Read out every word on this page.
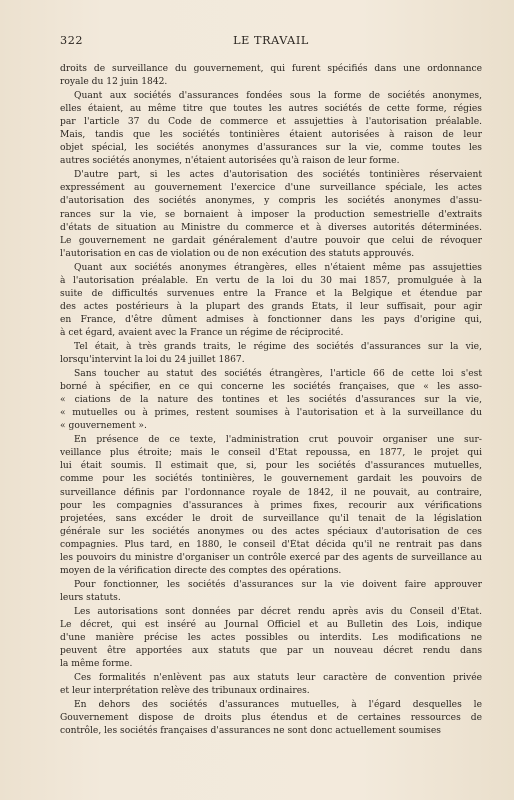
322	LE TRAVAIL
droits de surveillance du gouvernement, qui furent spécifiés dans une ordonnance
royale du 12 juin 1842.
Quant aux sociétés d'assurances fondées sous la forme de sociétés anonymes,
elles étaient, au même titre que toutes les autres sociétés de cette forme, régies
par l'article 37 du Code de commerce et assujetties à l'autorisation préalable.
Mais, tandis que les sociétés tontinières étaient autorisées à raison de leur
objet spécial, les sociétés anonymes d'assurances sur la vie, comme toutes les
autres sociétés anonymes, n'étaient autorisées qu'à raison de leur forme.
D'autre part, si les actes d'autorisation des sociétés tontinières réservaient
expressément au gouvernement l'exercice d'une surveillance spéciale, les actes
d'autorisation des sociétés anonymes, y compris les sociétés anonymes d'assu-
rances sur la vie, se bornaient à imposer la production semestrielle d'extraits
d'états de situation au Ministre du commerce et à diverses autorités déterminées.
Le gouvernement ne gardait généralement d'autre pouvoir que celui de révoquer
l'autorisation en cas de violation ou de non exécution des statuts approuvés.
Quant aux sociétés anonymes étrangères, elles n'étaient même pas assujetties
à l'autorisation préalable. En vertu de la loi du 30 mai 1857, promulguée à la
suite de difficultés survenues entre la France et la Belgique et étendue par
des actes postérieurs à la plupart des grands États, il leur suffisait, pour agir
en France, d'être dûment admises à fonctionner dans les pays d'origine qui,
à cet égard, avaient avec la France un régime de réciprocité.
Tel était, à très grands traits, le régime des sociétés d'assurances sur la vie,
lorsqu'intervint la loi du 24 juillet 1867.
Sans toucher au statut des sociétés étrangères, l'article 66 de cette loi s'est
borné à spécifier, en ce qui concerne les sociétés françaises, que « les asso-
« ciations de la nature des tontines et les sociétés d'assurances sur la vie,
« mutuelles ou à primes, restent soumises à l'autorisation et à la surveillance du
« gouvernement ».
En présence de ce texte, l'administration crut pouvoir organiser une sur-
veillance plus étroite; mais le conseil d'État repoussa, en 1877, le projet qui
lui était soumis. Il estimait que, si, pour les sociétés d'assurances mutuelles,
comme pour les sociétés tontinières, le gouvernement gardait les pouvoirs de
surveillance définis par l'ordonnance royale de 1842, il ne pouvait, au contraire,
pour les compagnies d'assurances à primes fixes, recourir aux vérifications
projetées, sans excéder le droit de surveillance qu'il tenait de la législation
générale sur les sociétés anonymes ou des actes spéciaux d'autorisation de ces
compagnies. Plus tard, en 1880, le conseil d'État décida qu'il ne rentrait pas dans
les pouvoirs du ministre d'organiser un contrôle exercé par des agents de surveillance au
moyen de la vérification directe des comptes des opérations.
Pour fonctionner, les sociétés d'assurances sur la vie doivent faire approuver
leurs statuts.
Les autorisations sont données par décret rendu après avis du Conseil d'État.
Le décret, qui est inséré au Journal Officiel et au Bulletin des Lois, indique
d'une manière précise les actes possibles ou interdits. Les modifications ne
peuvent être apportées aux statuts que par un nouveau décret rendu dans
la même forme.
Ces formalités n'enlèvent pas aux statuts leur caractère de convention privée
et leur interprétation relève des tribunaux ordinaires.
En dehors des sociétés d'assurances mutuelles, à l'égard desquelles le
Gouvernement dispose de droits plus étendus et de certaines ressources de
contrôle, les sociétés françaises d'assurances ne sont donc actuellement soumises
